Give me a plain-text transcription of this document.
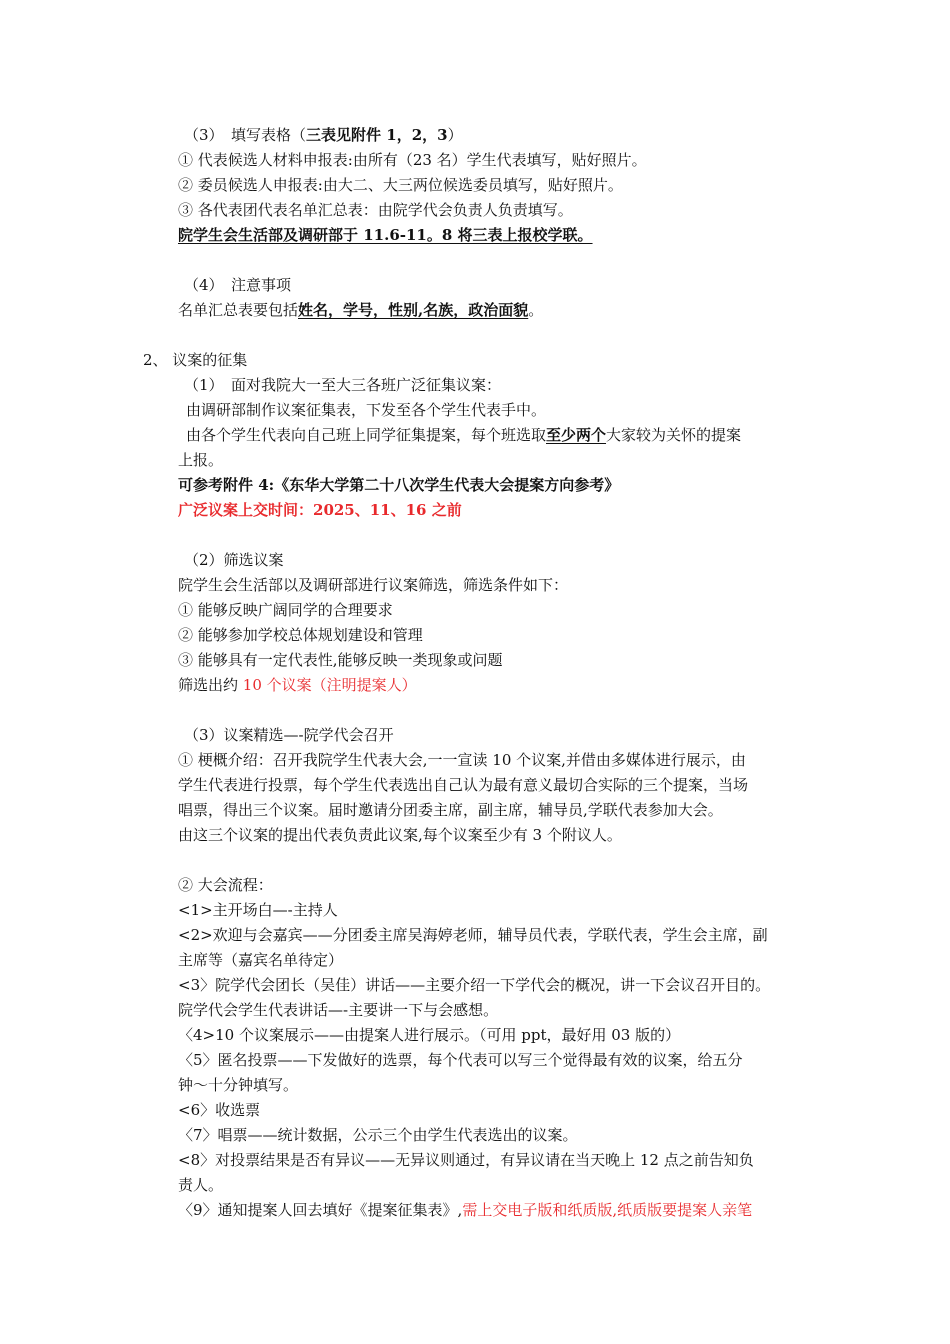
（3）　填写表格（三表见附件 1，2，3）
① 代表候选人材料申报表:由所有（23 名）学生代表填写，贴好照片。
② 委员候选人申报表:由大二、大三两位候选委员填写，贴好照片。
③ 各代表团代表名单汇总表：由院学代会负责人负责填写。
院学生会生活部及调研部于 11.6-11。8 将三表上报校学联。
（4）　注意事项
名单汇总表要包括姓名，学号，性别,名族，政治面貌。
2、 议案的征集
（1）　面对我院大一至大三各班广泛征集议案：
由调研部制作议案征集表，下发至各个学生代表手中。
由各个学生代表向自己班上同学征集提案，每个班选取至少两个大家较为关怀的提案
上报。
可参考附件 4:《东华大学第二十八次学生代表大会提案方向参考》
广泛议案上交时间：2025、11、16 之前
（2）筛选议案
院学生会生活部以及调研部进行议案筛选，筛选条件如下：
① 能够反映广阔同学的合理要求
② 能够参加学校总体规划建设和管理
③ 能够具有一定代表性,能够反映一类现象或问题
筛选出约 10 个议案（注明提案人）
（3）议案精选—-院学代会召开
① 梗概介绍：召开我院学生代表大会,一一宣读 10 个议案,并借由多媒体进行展示，由
学生代表进行投票，每个学生代表选出自己认为最有意义最切合实际的三个提案，当场
唱票，得出三个议案。届时邀请分团委主席，副主席，辅导员,学联代表参加大会。
由这三个议案的提出代表负责此议案,每个议案至少有 3 个附议人。
② 大会流程：
<1>主开场白—-主持人
<2>欢迎与会嘉宾——分团委主席吴海婷老师，辅导员代表，学联代表，学生会主席，副
主席等（嘉宾名单待定）
<3〉院学代会团长（吴佳）讲话——主要介绍一下学代会的概况，讲一下会议召开目的。
院学代会学生代表讲话—-主要讲一下与会感想。
〈4>10 个议案展示——由提案人进行展示。（可用 ppt，最好用 03 版的）
〈5〉匿名投票——下发做好的选票，每个代表可以写三个觉得最有效的议案，给五分
钟～十分钟填写。
<6〉收选票
〈7〉唱票——统计数据，公示三个由学生代表选出的议案。
<8〉对投票结果是否有异议——无异议则通过，有异议请在当天晚上 12 点之前告知负
责人。
〈9〉通知提案人回去填好《提案征集表》,需上交电子版和纸质版,纸质版要提案人亲笔
